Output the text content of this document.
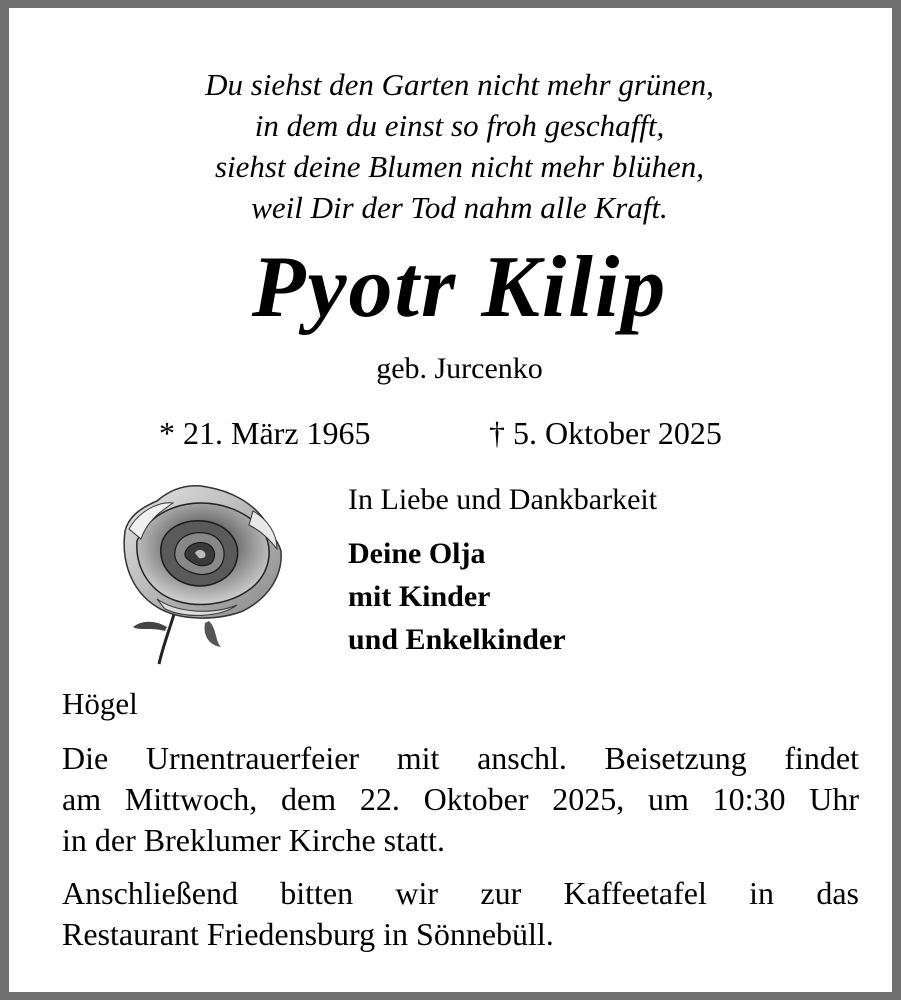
Du siehst den Garten nicht mehr grünen,
in dem du einst so froh geschafft,
siehst deine Blumen nicht mehr blühen,
weil Dir der Tod nahm alle Kraft.
Pyotr Kilip
geb. Jurcenko
* 21. März 1965	† 5. Oktober 2025
In Liebe und Dankbarkeit
Deine Olja
mit Kinder
und Enkelkinder
Högel
Die Urnentrauerfeier mit anschl. Beisetzung findet
am Mittwoch, dem 22. Oktober 2025, um 10:30 Uhr
in der Breklumer Kirche statt.
Anschließend bitten wir zur Kaffeetafel in das
Restaurant Friedensburg in Sönnebüll.
